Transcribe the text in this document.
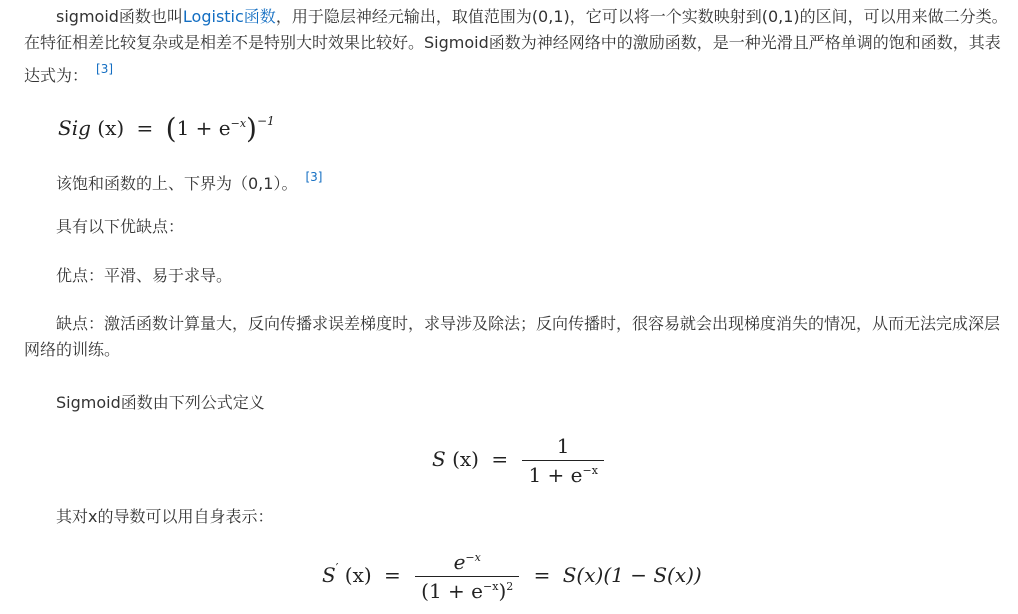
sigmoid函数也叫Logistic函数，用于隐层神经元输出，取值范围为(0,1)，它可以将一个实数映射到(0,1)的区间，可以用来做二分类。在特征相差比较复杂或是相差不是特别大时效果比较好。Sigmoid函数为神经网络中的激励函数，是一种光滑且严格单调的饱和函数，其表达式为： [3]
Sig $(x) = (1 + e^{-x})^{-1}$
该饱和函数的上、下界为（0,1）。 [3]
具有以下优缺点：
优点：平滑、易于求导。
缺点：激活函数计算量大，反向传播求误差梯度时，求导涉及除法；反向传播时，很容易就会出现梯度消失的情况，从而无法完成深层网络的训练。
Sigmoid函数由下列公式定义
S $(x) = \frac{1}{1 + e^{-x}}$
其对x的导数可以用自身表示：
S′ $(x) = \frac{e^{-x}}{(1 + e^{-x})^2} = S(x)(1 - S(x))$
